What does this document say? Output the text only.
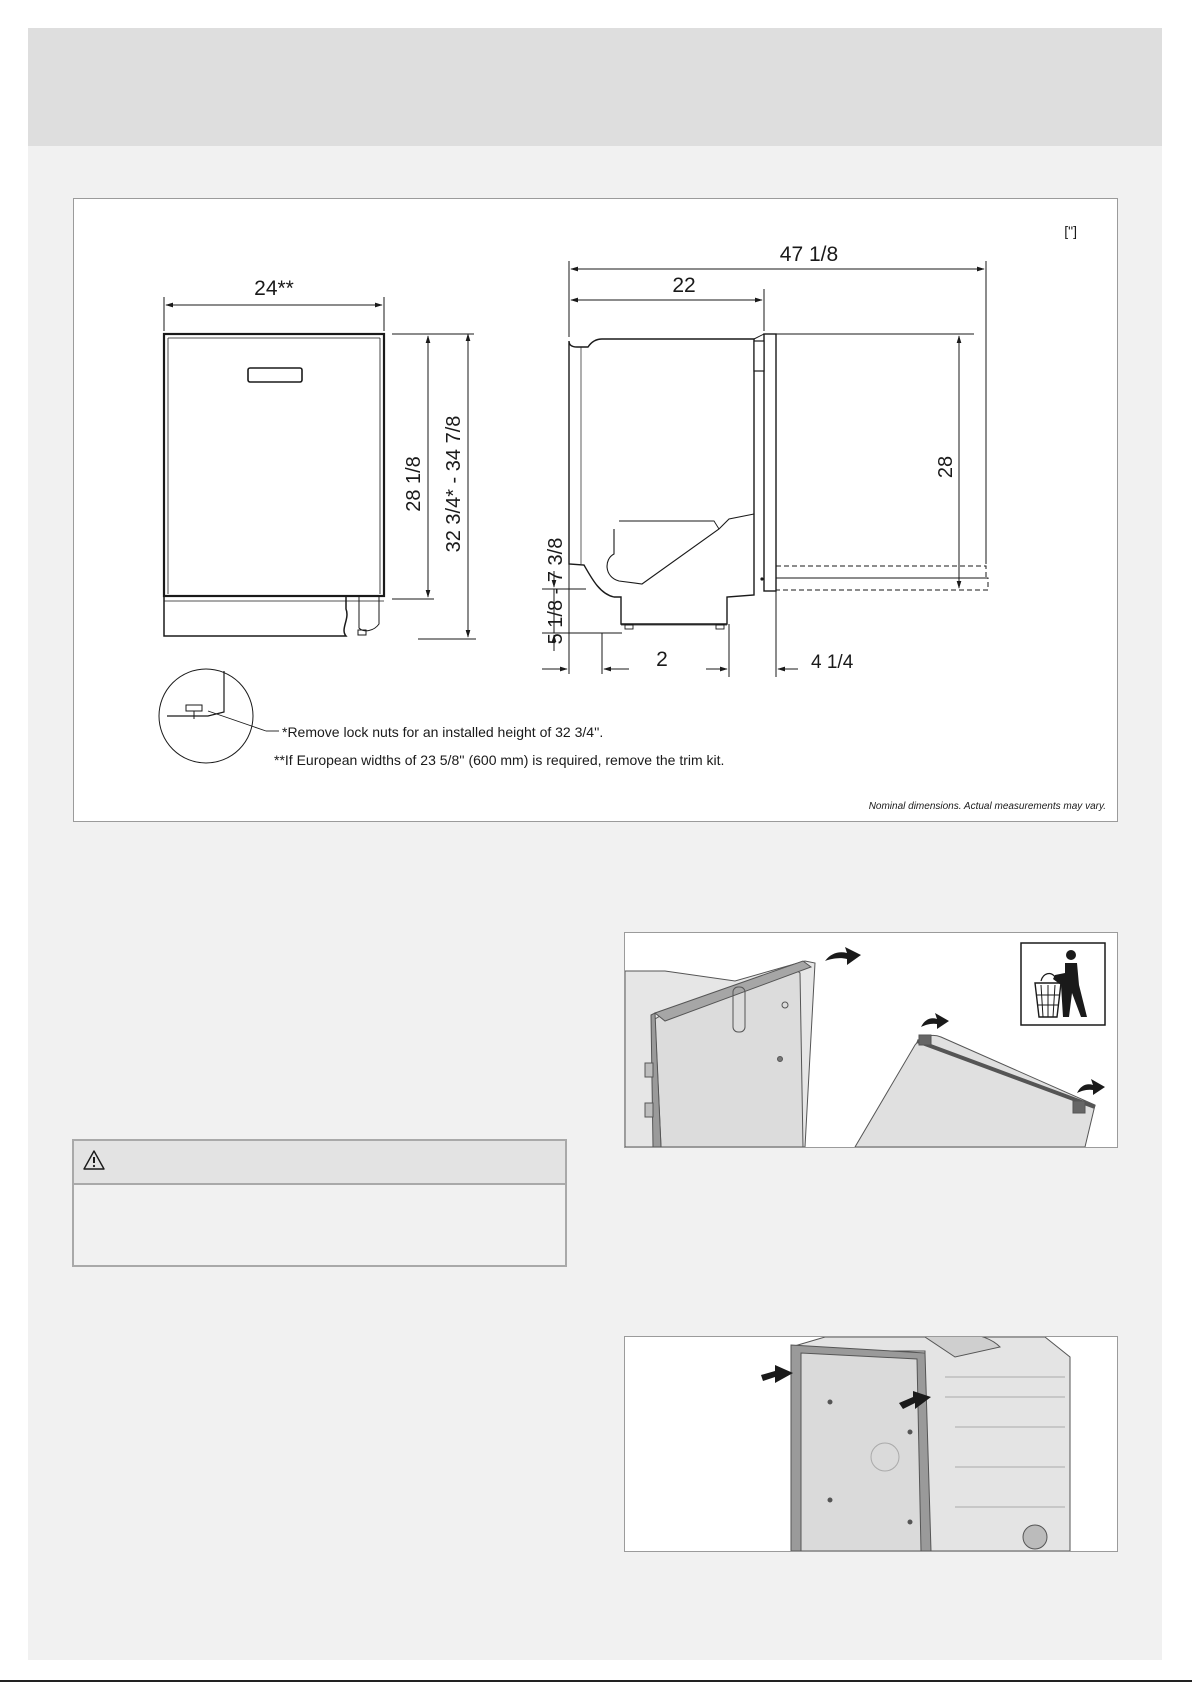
["]
24**
28 1/8 32 3/4* - 34 7/8
47 1/8
22
28
5 1/8 - 7 3/8
2	4 1/4
*Remove lock nuts for an installed height of 32 3/4''.
**If European widths of 23 5/8'' (600 mm) is required, remove the trim kit.
Nominal dimensions. Actual measurements may vary.
